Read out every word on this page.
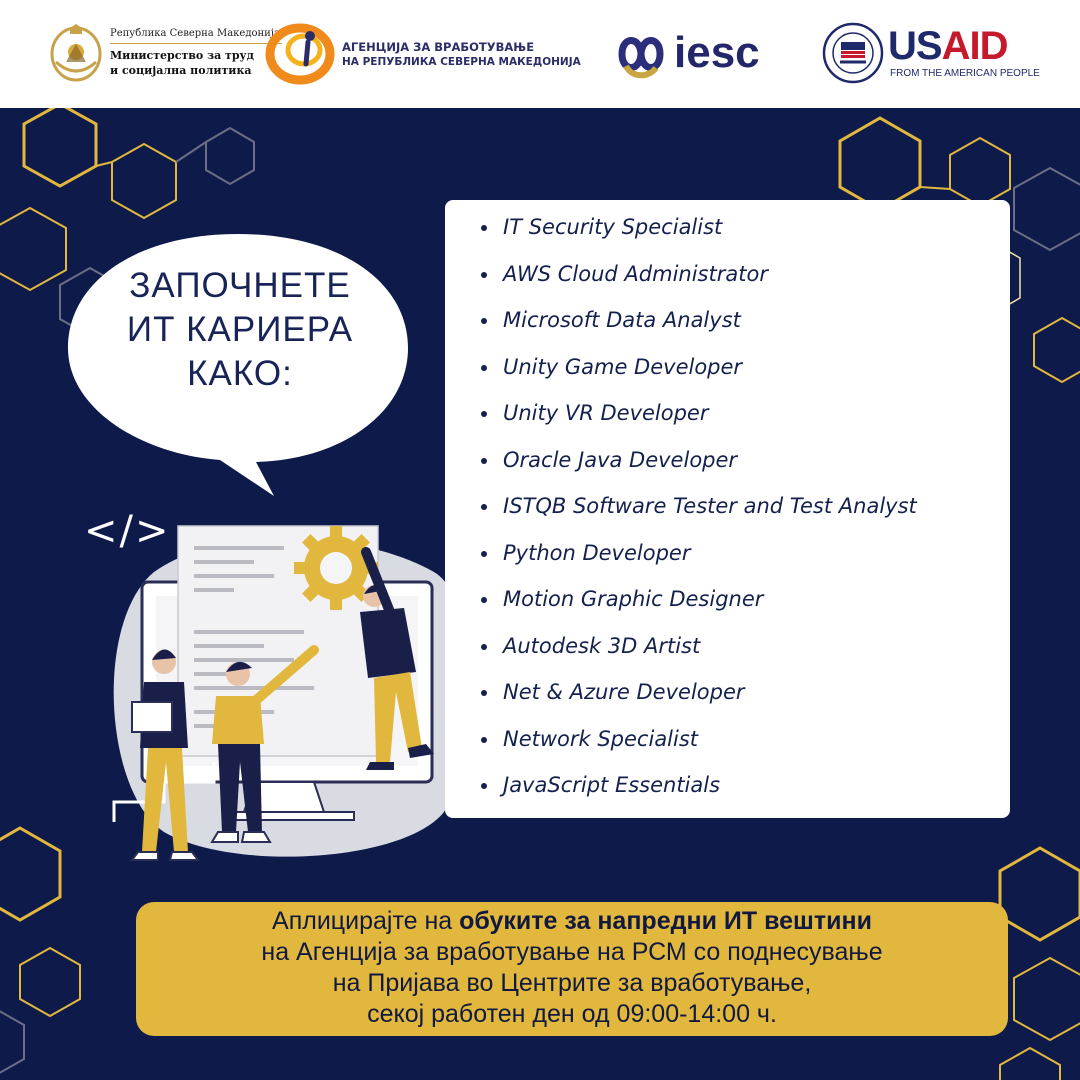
Република Северна Македонија
Министерство за труд
и социјална политика
АГЕНЦИЈА ЗА ВРАБОТУВАЊЕ
НА РЕПУБЛИКА СЕВЕРНА МАКЕДОНИЈА iesc	USAID
FROM THE AMERICAN PEOPLE
ЗАПОЧНЕТЕ
ИТ КАРИЕРА
КАКО:
</>
IT Security Specialist
AWS Cloud Administrator
Microsoft Data Analyst
Unity Game Developer
Unity VR Developer
Oracle Java Developer
ISTQB Software Tester and Test Analyst
Python Developer
Motion Graphic Designer
Autodesk 3D Artist
Net & Azure Developer
Network Specialist
JavaScript Essentials
Аплицирајте на обуките за напредни ИТ вештини
на Агенција за вработување на РСМ со поднесување
на Пријава во Центрите за вработување,
секој работен ден од 09:00-14:00 ч.
